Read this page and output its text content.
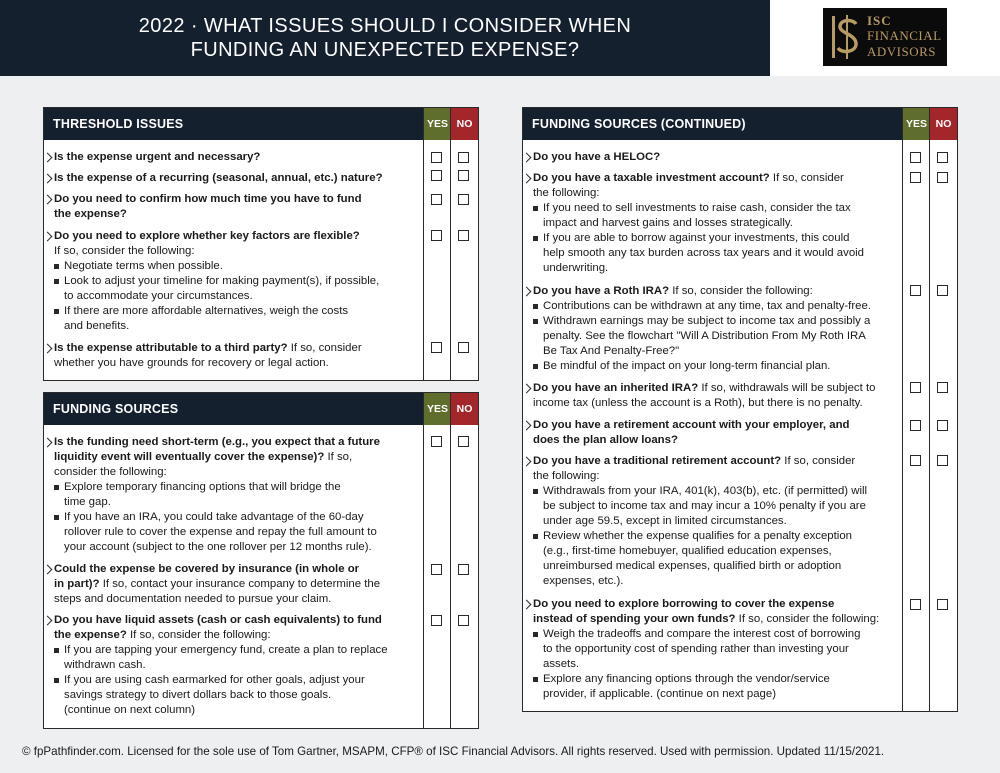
2022 · WHAT ISSUES SHOULD I CONSIDER WHEN
FUNDING AN UNEXPECTED EXPENSE?
ISC
FINANCIAL
ADVISORS
THRESHOLD ISSUES	YES NO
Is the expense urgent and necessary?
Is the expense of a recurring (seasonal, annual, etc.) nature?
Do you need to confirm how much time you have to fund
the expense?
Do you need to explore whether key factors are flexible?
If so, consider the following:
Negotiate terms when possible.
Look to adjust your timeline for making payment(s), if possible,
to accommodate your circumstances.
If there are more affordable alternatives, weigh the costs
and benefits.
Is the expense attributable to a third party? If so, consider
whether you have grounds for recovery or legal action.
FUNDING SOURCES	YES NO
Is the funding need short-term (e.g., you expect that a future
liquidity event will eventually cover the expense)? If so,
consider the following:
Explore temporary financing options that will bridge the
time gap.
If you have an IRA, you could take advantage of the 60-day
rollover rule to cover the expense and repay the full amount to
your account (subject to the one rollover per 12 months rule).
Could the expense be covered by insurance (in whole or
in part)? If so, contact your insurance company to determine the
steps and documentation needed to pursue your claim.
Do you have liquid assets (cash or cash equivalents) to fund
the expense? If so, consider the following:
If you are tapping your emergency fund, create a plan to replace
withdrawn cash.
If you are using cash earmarked for other goals, adjust your
savings strategy to divert dollars back to those goals.
(continue on next column)
FUNDING SOURCES (CONTINUED)	YES NO
Do you have a HELOC?
Do you have a taxable investment account? If so, consider
the following:
If you need to sell investments to raise cash, consider the tax
impact and harvest gains and losses strategically.
If you are able to borrow against your investments, this could
help smooth any tax burden across tax years and it would avoid
underwriting.
Do you have a Roth IRA? If so, consider the following:
Contributions can be withdrawn at any time, tax and penalty-free.
Withdrawn earnings may be subject to income tax and possibly a
penalty. See the flowchart "Will A Distribution From My Roth IRA
Be Tax And Penalty-Free?"
Be mindful of the impact on your long-term financial plan.
Do you have an inherited IRA? If so, withdrawals will be subject to
income tax (unless the account is a Roth), but there is no penalty.
Do you have a retirement account with your employer, and
does the plan allow loans?
Do you have a traditional retirement account? If so, consider
the following:
Withdrawals from your IRA, 401(k), 403(b), etc. (if permitted) will
be subject to income tax and may incur a 10% penalty if you are
under age 59.5, except in limited circumstances.
Review whether the expense qualifies for a penalty exception
(e.g., first-time homebuyer, qualified education expenses,
unreimbursed medical expenses, qualified birth or adoption
expenses, etc.).
Do you need to explore borrowing to cover the expense
instead of spending your own funds? If so, consider the following:
Weigh the tradeoffs and compare the interest cost of borrowing
to the opportunity cost of spending rather than investing your
assets.
Explore any financing options through the vendor/service
provider, if applicable. (continue on next page)
© fpPathfinder.com. Licensed for the sole use of Tom Gartner, MSAPM, CFP® of ISC Financial Advisors. All rights reserved. Used with permission. Updated 11/15/2021.
